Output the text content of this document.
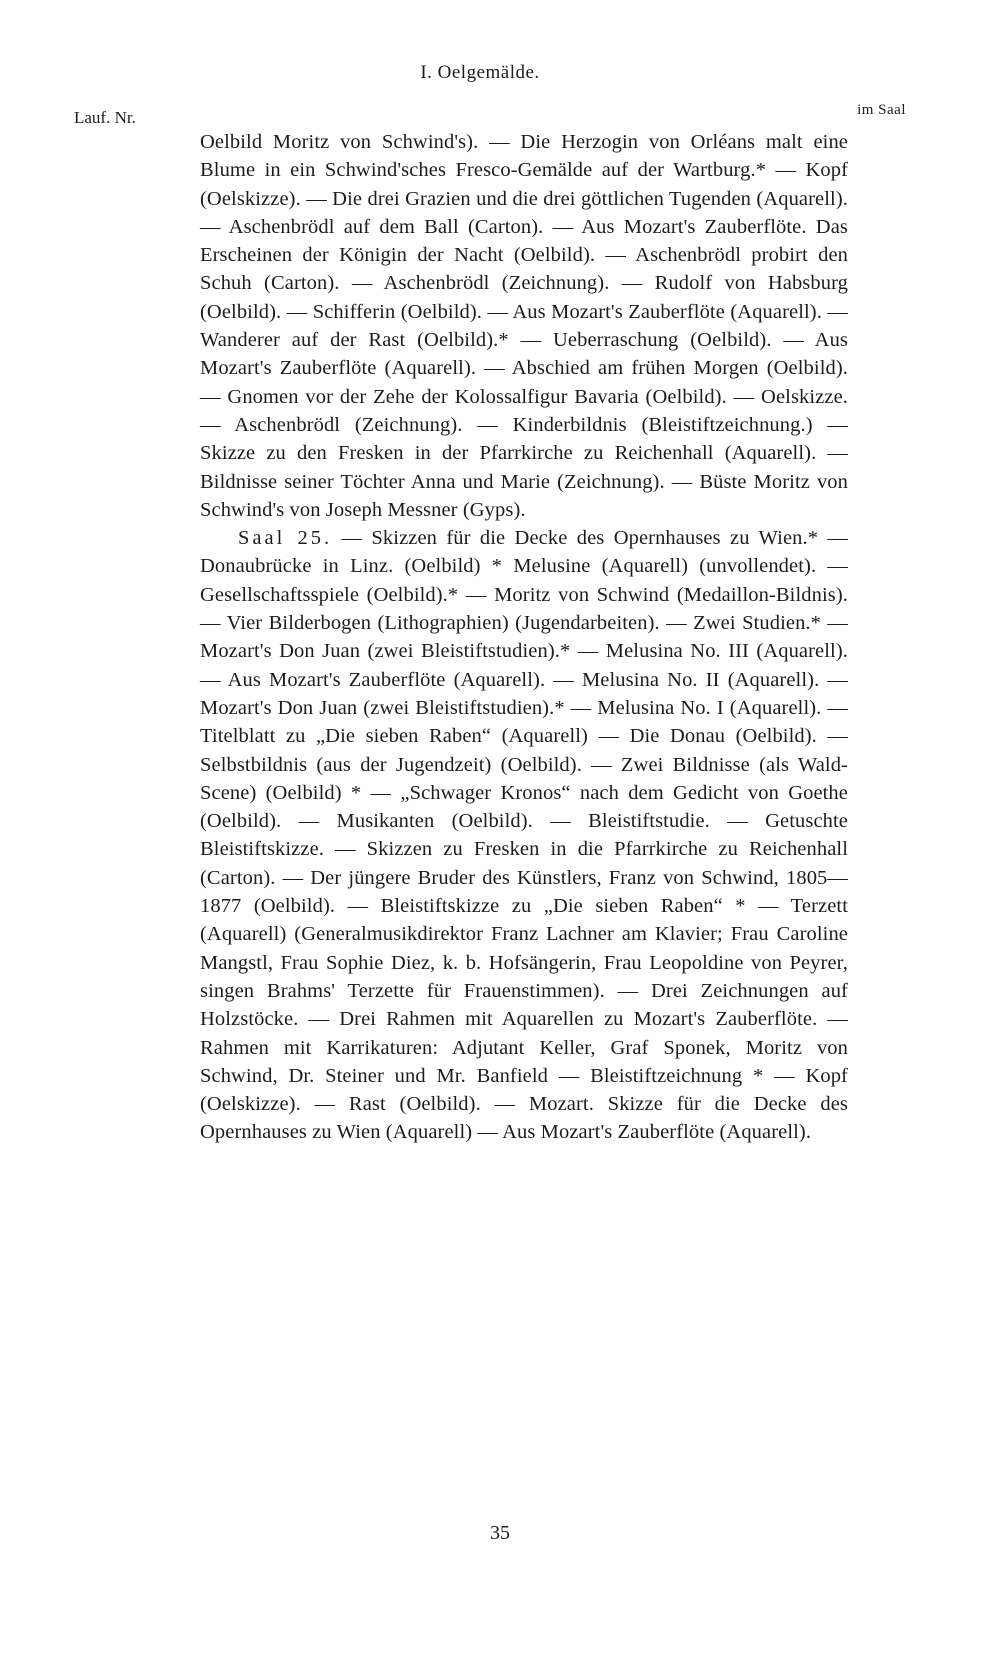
I. Oelgemälde.
Lauf. Nr.	im Saal

Oelbild Moritz von Schwind's). — Die Herzogin von Orléans malt eine Blume in ein Schwind'sches Fresco-Gemälde auf der Wartburg.* — Kopf (Oelskizze). — Die drei Grazien und die drei göttlichen Tugenden (Aquarell). — Aschenbrödl auf dem Ball (Carton). — Aus Mozart's Zauberflöte. Das Erscheinen der Königin der Nacht (Oelbild). — Aschenbrödl probirt den Schuh (Carton). — Aschenbrödl (Zeichnung). — Rudolf von Habsburg (Oelbild). — Schifferin (Oelbild). — Aus Mozart's Zauberflöte (Aquarell). — Wanderer auf der Rast (Oelbild).* — Ueberraschung (Oelbild). — Aus Mozart's Zauberflöte (Aquarell). — Abschied am frühen Morgen (Oelbild). — Gnomen vor der Zehe der Kolossalfigur Bavaria (Oelbild). — Oelskizze. — Aschenbrödl (Zeichnung). — Kinderbildnis (Bleistiftzeichnung.) — Skizze zu den Fresken in der Pfarrkirche zu Reichenhall (Aquarell). — Bildnisse seiner Töchter Anna und Marie (Zeichnung). — Büste Moritz von Schwind's von Joseph Messner (Gyps).

Saal 25. — Skizzen für die Decke des Opernhauses zu Wien.* — Donaubrücke in Linz. (Oelbild) * Melusine (Aquarell) (unvollendet). — Gesellschaftsspiele (Oelbild).* — Moritz von Schwind (Medaillon-Bildnis). — Vier Bilderbogen (Lithographien) (Jugendarbeiten). — Zwei Studien.* — Mozart's Don Juan (zwei Bleistiftstudien).* — Melusina No. III (Aquarell). — Aus Mozart's Zauberflöte (Aquarell). — Melusina No. II (Aquarell). — Mozart's Don Juan (zwei Bleistiftstudien).* — Melusina No. I (Aquarell). — Titelblatt zu „Die sieben Raben“ (Aquarell) — Die Donau (Oelbild). — Selbstbildnis (aus der Jugendzeit) (Oelbild). — Zwei Bildnisse (als Wald-Scene) (Oelbild) * — „Schwager Kronos“ nach dem Gedicht von Goethe (Oelbild). — Musikanten (Oelbild). — Bleistiftstudie. — Getuschte Bleistiftskizze. — Skizzen zu Fresken in die Pfarrkirche zu Reichenhall (Carton). — Der jüngere Bruder des Künstlers, Franz von Schwind, 1805—1877 (Oelbild). — Bleistiftskizze zu „Die sieben Raben“ * — Terzett (Aquarell) (Generalmusikdirektor Franz Lachner am Klavier; Frau Caroline Mangstl, Frau Sophie Diez, k. b. Hofsängerin, Frau Leopoldine von Peyrer, singen Brahms' Terzette für Frauenstimmen). — Drei Zeichnungen auf Holzstöcke. — Drei Rahmen mit Aquarellen zu Mozart's Zauberflöte. — Rahmen mit Karrikaturen: Adjutant Keller, Graf Sponek, Moritz von Schwind, Dr. Steiner und Mr. Banfield — Bleistiftzeichnung * — Kopf (Oelskizze). — Rast (Oelbild). — Mozart. Skizze für die Decke des Opernhauses zu Wien (Aquarell) — Aus Mozart's Zauberflöte (Aquarell).

35
